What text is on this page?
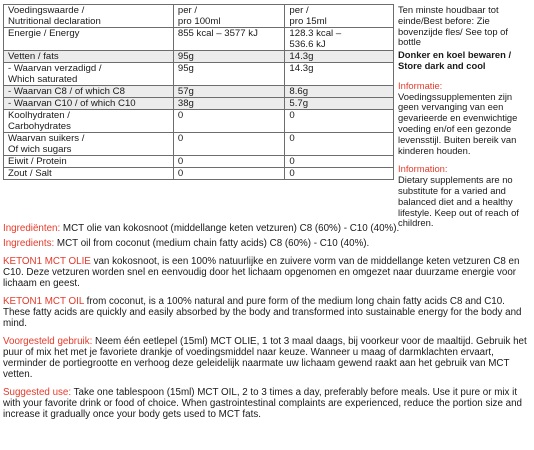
Voedingswaarde /
Nutritional declaration	per /
pro 100ml	per /
pro 15ml
Energie / Energy	855 kcal – 3577 kJ	128.3 kcal –
536.6 kJ
Vetten / fats	95g	14.3g
- Waarvan verzadigd /
Which saturated	95g	14.3g
- Waarvan C8 / of which C8	57g	8.6g
- Waarvan C10 / of which C10	38g	5.7g
Koolhydraten /
Carbohydrates	0	0
Waarvan suikers /
Of wich sugars	0	0
Eiwit / Protein	0	0
Zout / Salt	0	0

Ten minste houdbaar tot einde/Best before: Zie bovenzijde fles/ See top of bottle

Donker en koel bewaren / Store dark and cool

Informatie:

Voedingssupplementen zijn geen vervanging van een gevarieerde en evenwichtige voeding en/of een gezonde levensstijl. Buiten bereik van kinderen houden.

Information:

Dietary supplements are no substitute for a varied and balanced diet and a healthy lifestyle. Keep out of reach of children.

Ingrediënten: MCT olie van kokosnoot (middellange keten vetzuren) C8 (60%) - C10 (40%).

Ingredients: MCT oil from coconut (medium chain fatty acids) C8 (60%) - C10 (40%).

KETON1 MCT OLIE van kokosnoot, is een 100% natuurlijke en zuivere vorm van de middellange keten vetzuren C8 en C10. Deze vetzuren worden snel en eenvoudig door het lichaam opgenomen en omgezet naar duurzame energie voor lichaam en geest.

KETON1 MCT OIL from coconut, is a 100% natural and pure form of the medium long chain fatty acids C8 and C10. These fatty acids are quickly and easily absorbed by the body and transformed into sustainable energy for the body and mind.

Voorgesteld gebruik: Neem één eetlepel (15ml) MCT OLIE, 1 tot 3 maal daags, bij voorkeur voor de maaltijd. Gebruik het puur of mix het met je favoriete drankje of voedingsmiddel naar keuze. Wanneer u maag of darmklachten ervaart, verminder de portiegrootte en verhoog deze geleidelijk naarmate uw lichaam gewend raakt aan het gebruik van MCT vetten.

Suggested use: Take one tablespoon (15ml) MCT OIL, 2 to 3 times a day, preferably before meals. Use it pure or mix it with your favorite drink or food of choice. When gastrointestinal complaints are experienced, reduce the portion size and increase it gradually once your body gets used to MCT fats.
